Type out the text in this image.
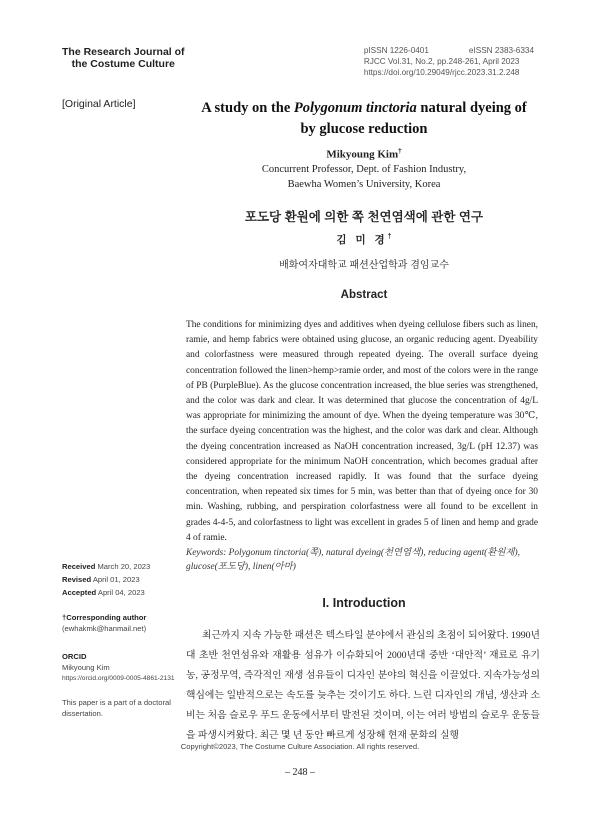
The Research Journal of
the Costume Culture
pISSN 1226-0401	eISSN 2383-6334
RJCC Vol.31, No.2, pp.248-261, April 2023
https://doi.org/10.29049/rjcc.2023.31.2.248
[Original Article]	A study on the Polygonum tinctoria natural dyeing of
by glucose reduction
Mikyoung Kim†
Concurrent Professor, Dept. of Fashion Industry,
Baewha Women’s University, Korea
포도당 환원에 의한 쪽 천연염색에 관한 연구
김 미 경†
배화여자대학교 패션산업학과 겸임교수
Abstract
The conditions for minimizing dyes and additives when dyeing cellulose fibers such as linen, ramie, and hemp fabrics were obtained using glucose, an organic reducing agent. Dyeability and colorfastness were measured through repeated dyeing. The overall surface dyeing concentration followed the linen>hemp>ramie order, and most of the colors were in the range of PB (PurpleBlue). As the glucose concentration increased, the blue series was strengthened, and the color was dark and clear. It was determined that glucose the concentration of 4g/L was appropriate for minimizing the amount of dye. When the dyeing temperature was 30℃, the surface dyeing concentration was the highest, and the color was dark and clear. Although the dyeing concentration increased as NaOH concentration increased, 3g/L (pH 12.37) was considered appropriate for the minimum NaOH concentration, which becomes gradual after the dyeing concentration increased rapidly. It was found that the surface dyeing concentration, when repeated six times for 5 min, was better than that of dyeing once for 30 min. Washing, rubbing, and perspiration colorfastness were all found to be excellent in grades 4-4-5, and colorfastness to light was excellent in grades 5 of linen and hemp and grade 4 of ramie.
Keywords: Polygonum tinctoria(쪽), natural dyeing(천연염색), reducing agent(환원제), glucose(포도당), linen(아마)
Received March 20, 2023
Revised April 01, 2023
Accepted April 04, 2023
†Corresponding author
(ewhakmk@hanmail.net)
ORCID
Mikyoung Kim
https://orcid.org/0009-0005-4861-2131
This paper is a part of a doctoral dissertation.
I. Introduction

최근까지 지속 가능한 패션은 텍스타일 분야에서 관심의 초점이 되어왔다. 1990년대 초반 천연섬유와 재활용 섬유가 이슈화되어 2000년대 중반 ‘대안적’ 재료로 유기농, 공정무역, 즉각적인 재생 섬유들이 디자인 분야의 혁신을 이끌었다. 지속가능성의 핵심에는 일반적으로는 속도를 늦추는 것이기도 하다. 느린 디자인의 개념, 생산과 소비는 처음 슬로우 푸드 운동에서부터 발전된 것이며, 이는 여러 방법의 슬로우 운동들을 파생시켜왔다. 최근 몇 년 동안 빠르게 성장해 현재 문화의 실행

Copyright©2023, The Costume Culture Association. All rights reserved.
– 248 –
